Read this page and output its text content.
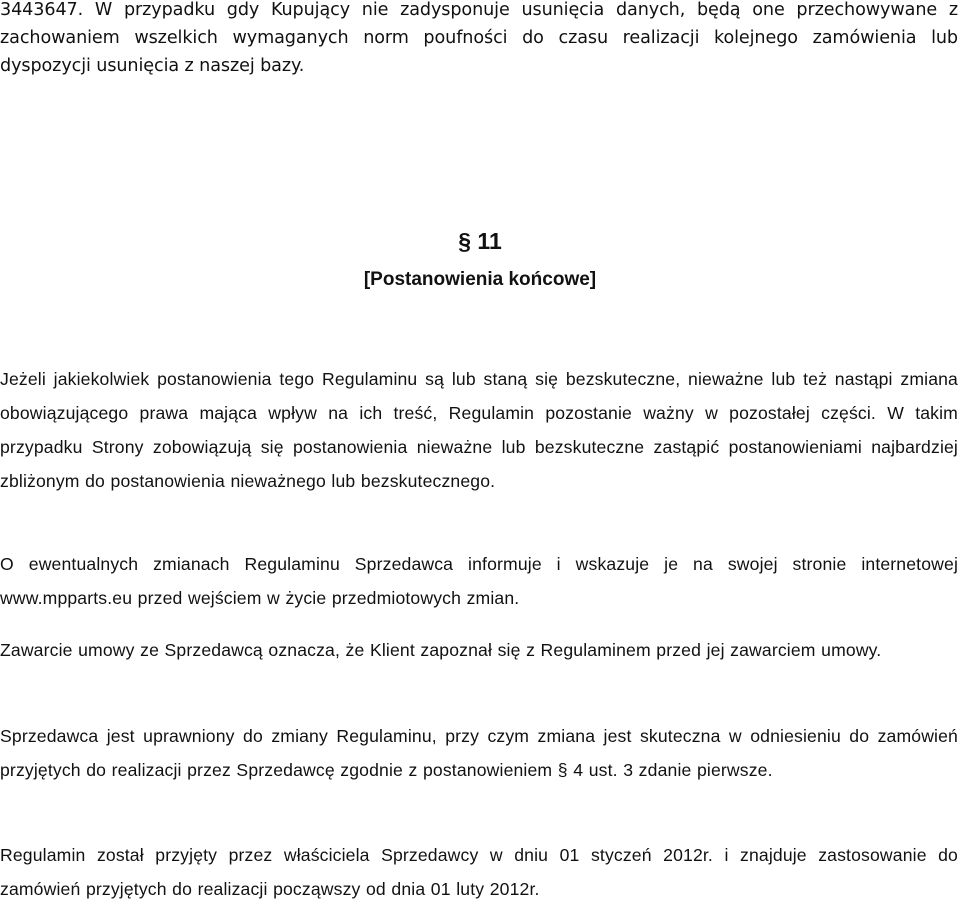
3443647. W przypadku gdy Kupujący nie zadysponuje usunięcia danych, będą one przechowywane z zachowaniem wszelkich wymaganych norm poufności do czasu realizacji kolejnego zamówienia lub dyspozycji usunięcia z naszej bazy.

§ 11
[Postanowienia końcowe]

Jeżeli jakiekolwiek postanowienia tego Regulaminu są lub staną się bezskuteczne, nieważne lub też nastąpi zmiana obowiązującego prawa mająca wpływ na ich treść, Regulamin pozostanie ważny w pozostałej części. W takim przypadku Strony zobowiązują się postanowienia nieważne lub bezskuteczne zastąpić postanowieniami najbardziej zbliżonym do postanowienia nieważnego lub bezskutecznego.

O ewentualnych zmianach Regulaminu Sprzedawca informuje i wskazuje je na swojej stronie internetowej www.mpparts.eu przed wejściem w życie przedmiotowych zmian.

Zawarcie umowy ze Sprzedawcą oznacza, że Klient zapoznał się z Regulaminem przed jej zawarciem umowy.

Sprzedawca jest uprawniony do zmiany Regulaminu, przy czym zmiana jest skuteczna w odniesieniu do zamówień przyjętych do realizacji przez Sprzedawcę zgodnie z postanowieniem § 4 ust. 3 zdanie pierwsze.

Regulamin został przyjęty przez właściciela Sprzedawcy w dniu 01 styczeń 2012r. i znajduje zastosowanie do zamówień przyjętych do realizacji począwszy od dnia 01 luty 2012r.
